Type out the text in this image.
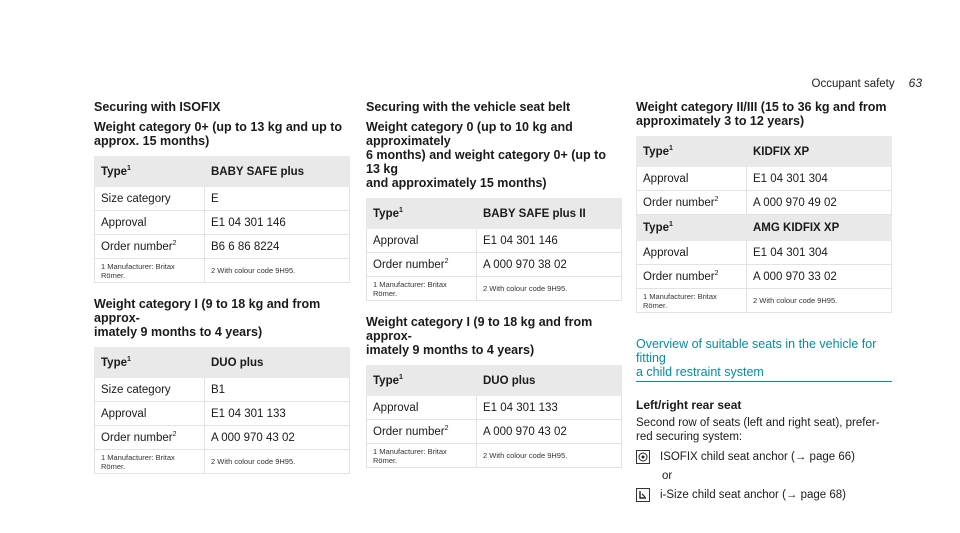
Occupant safety 63
Securing with ISOFIX
Weight category 0+ (up to 13 kg and up to
approx. 15 months)
Type$^1$	BABY SAFE plus
Size category	E
Approval	E1 04 301 146
Order number$^2$	B6 6 86 8224
1 Manufacturer: Britax Römer.	2 With colour code 9H95.
Weight category I (9 to 18 kg and from approx-
imately 9 months to 4 years)
Type$^1$	DUO plus
Size category	B1
Approval	E1 04 301 133
Order number$^2$	A 000 970 43 02
1 Manufacturer: Britax Römer.	2 With colour code 9H95.
Securing with the vehicle seat belt
Weight category 0 (up to 10 kg and approximately
6 months) and weight category 0+ (up to 13 kg
and approximately 15 months)
Type$^1$	BABY SAFE plus II
Approval	E1 04 301 146
Order number$^2$	A 000 970 38 02
1 Manufacturer: Britax Römer.	2 With colour code 9H95.
Weight category I (9 to 18 kg and from approx-
imately 9 months to 4 years)
Type$^1$	DUO plus
Approval	E1 04 301 133
Order number$^2$	A 000 970 43 02
1 Manufacturer: Britax Römer.	2 With colour code 9H95.
Weight category II/III (15 to 36 kg and from
approximately 3 to 12 years)
Type$^1$	KIDFIX XP
Approval	E1 04 301 304
Order number$^2$	A 000 970 49 02
Type$^1$	AMG KIDFIX XP
Approval	E1 04 301 304
Order number$^2$	A 000 970 33 02
1 Manufacturer: Britax Römer.	2 With colour code 9H95.
Overview of suitable seats in the vehicle for fitting
a child restraint system
Left/right rear seat
Second row of seats (left and right seat), prefer-
red securing system:
ISOFIX child seat anchor (→ page 66)
or
i-Size child seat anchor (→ page 68)
